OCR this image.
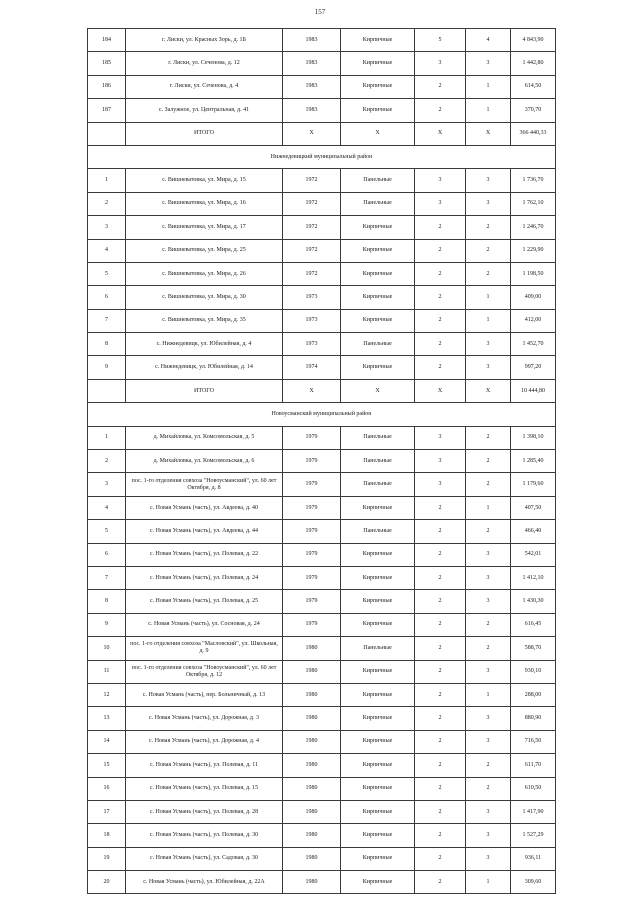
157
184	г. Лиски, ул. Красных Зорь, д. 1Б	1983	Кирпичные	5	4	4 843,90
185	г. Лиски, ул. Сеченова, д. 12	1983	Кирпичные	3	3	1 442,80
186	г. Лиски, ул. Сеченова, д. 4	1983	Кирпичные	2	1	614,50
187	с. Залужное, ул. Центральная, д. 41	1983	Кирпичные	2	1	370,70
	ИТОГО	X	X	X	X	366 440,33
Нижнедевицкий муниципальный район						
1	с. Вишневатовка, ул. Мира, д. 15	1972	Панельные	3	3	1 736,70
2	с. Вишневатовка, ул. Мира, д. 16	1972	Панельные	3	3	1 762,10
3	с. Вишневатовка, ул. Мира, д. 17	1972	Кирпичные	2	2	1 246,70
4	с. Вишневатовка, ул. Мира, д. 25	1972	Кирпичные	2	2	1 229,90
5	с. Вишневатовка, ул. Мира, д. 26	1972	Кирпичные	2	2	1 198,50
6	с. Вишневатовка, ул. Мира, д. 30	1973	Кирпичные	2	1	409,00
7	с. Вишневатовка, ул. Мира, д. 35	1973	Кирпичные	2	1	412,00
8	с. Нижнедевицк, ул. Юбилейная, д. 4	1973	Панельные	2	3	1 452,70
9	с. Нижнедевицк, ул. Юбилейная, д. 14	1974	Кирпичные	2	3	997,20
	ИТОГО	X	X	X	X	10 444,80
Новоусманский муниципальный район						
1	д. Михайловка, ул. Комсомольская, д. 5	1979	Панельные	3	2	1 398,10
2	д. Михайловка, ул. Комсомольская, д. 6	1979	Панельные	3	2	1 285,40
3	пос. 1-го отделения совхоза "Новоусманский", ул. 60 лет Октября, д. 8	1979	Панельные	3	2	1 179,60
4	с. Новая Усмань (часть), ул. Авдеева, д. 40	1979	Кирпичные	2	1	407,50
5	с. Новая Усмань (часть), ул. Авдеева, д. 44	1979	Панельные	2	2	466,40
6	с. Новая Усмань (часть), ул. Полевая, д. 22	1979	Кирпичные	2	3	542,01
7	с. Новая Усмань (часть), ул. Полевая, д. 24	1979	Кирпичные	2	3	1 412,10
8	с. Новая Усмань (часть), ул. Полевая, д. 25	1979	Кирпичные	2	3	1 430,30
9	с. Новая Усмань (часть), ул. Сосновая, д. 24	1979	Кирпичные	2	2	616,45
10	пос. 1-го отделения совхоза "Масловский", ул. Школьная, д. 9	1980	Панельные	2	2	588,70
11	пос. 1-го отделения совхоза "Новоусманский", ул. 60 лет Октября, д. 12	1980	Кирпичные	2	3	930,10
12	с. Новая Усмань (часть), пер. Больничный, д. 13	1980	Кирпичные	2	1	288,00
13	с. Новая Усмань (часть), ул. Дорожная, д. 3	1980	Кирпичные	2	3	880,90
14	с. Новая Усмань (часть), ул. Дорожная, д. 4	1980	Кирпичные	2	3	716,50
15	с. Новая Усмань (часть), ул. Полевая, д. 11	1980	Кирпичные	2	2	611,70
16	с. Новая Усмань (часть), ул. Полевая, д. 15	1980	Кирпичные	2	2	610,50
17	с. Новая Усмань (часть), ул. Полевая, д. 28	1980	Кирпичные	2	3	1 417,90
18	с. Новая Усмань (часть), ул. Полевая, д. 30	1980	Кирпичные	2	3	1 527,29
19	с. Новая Усмань (часть), ул. Садовая, д. 30	1980	Кирпичные	2	3	936,11
20	с. Новая Усмань (часть), ул. Юбилейная, д. 22А	1980	Кирпичные	2	1	309,60
